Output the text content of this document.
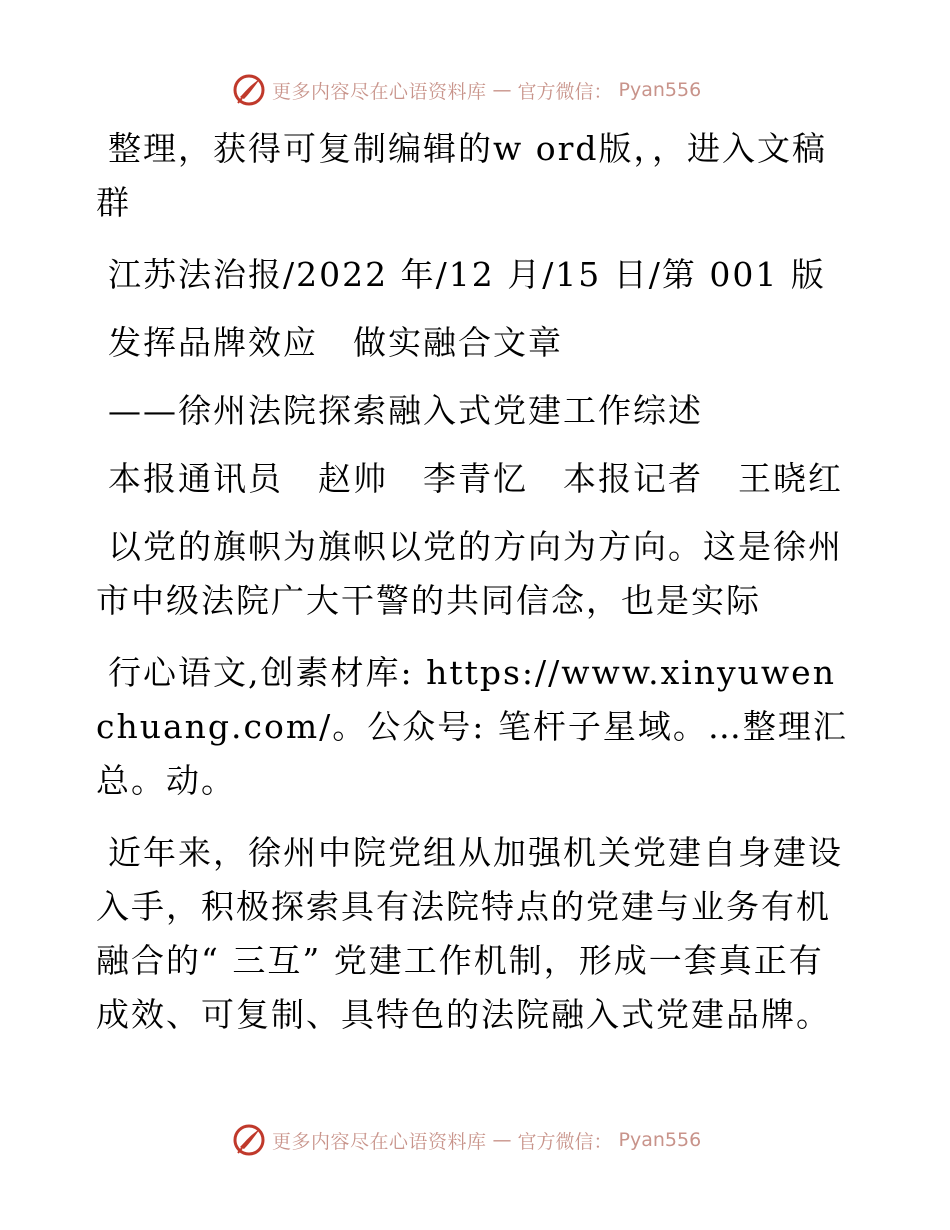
更多内容尽在心语资料库 — 官方微信： Pyan556

整理，获得可复制编辑的w ord版，，进入文稿群

江苏法治报/2022 年/12 月/15 日/第 001 版

发挥品牌效应　做实融合文章

——徐州法院探索融入式党建工作综述

本报通讯员　赵帅　李青忆　本报记者　王晓红

以党的旗帜为旗帜以党的方向为方向。这是徐州市中级法院广大干警的共同信念，也是实际

行心语文,创素材库: https://www.xinyuwenchuang.com/。公众号: 笔杆子星域。…整理汇总。动。

近年来，徐州中院党组从加强机关党建自身建设入手，积极探索具有法院特点的党建与业务有机融合的“ 三互” 党建工作机制，形成一套真正有成效、可复制、具特色的法院融入式党建品牌。

更多内容尽在心语资料库 — 官方微信： Pyan556
